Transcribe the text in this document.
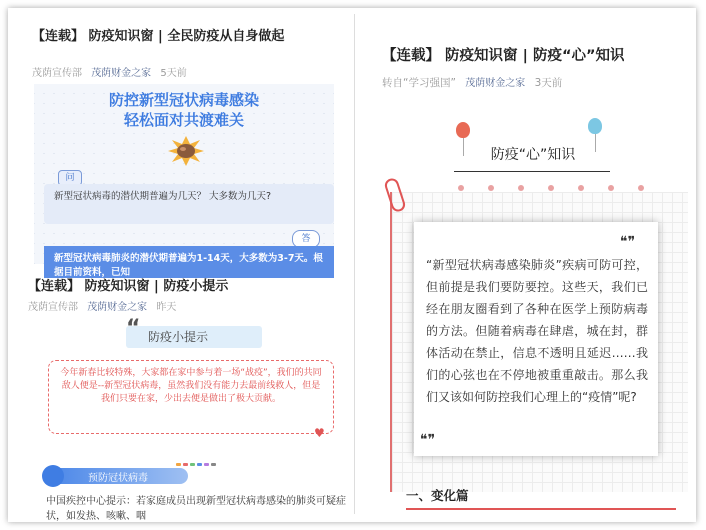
【连载】 防疫知识窗 | 全民防疫从自身做起
茂荫宣传部 茂荫财金之家 5天前
防控新型冠状病毒感染
轻松面对共渡难关
问
新型冠状病毒的潜伏期普遍为几天？ 大多数为几天?
答
新型冠状病毒肺炎的潜伏期普遍为1-14天，大多数为3-7天。根据目前资料，已知
【连载】 防疫知识窗 | 防疫小提示
茂荫宣传部 茂荫财金之家 昨天
防疫小提示
“
今年新春比较特殊，大家都在家中参与着一场“战疫”，我们的共同敌人便是--新型冠状病毒，虽然我们没有能力去最前线救人，但是我们只要在家，少出去便是做出了极大贡献。
♥
预防冠状病毒
中国疾控中心提示：若家庭成员出现新型冠状病毒感染的肺炎可疑症状，如发热、咳嗽、咽
【连载】 防疫知识窗 | 防疫“心”知识
转自“学习强国” 茂荫财金之家 3天前
防疫“心”知识
❝❞
“新型冠状病毒感染肺炎”疾病可防可控，但前提是我们要防要控。这些天，我们已经在朋友圈看到了各种在医学上预防病毒的方法。但随着病毒在肆虐，城在封，群体活动在禁止，信息不透明且延迟……我们的心弦也在不停地被重重敲击。那么我们又该如何防控我们心理上的“疫情”呢?
❝❞
一、变化篇
